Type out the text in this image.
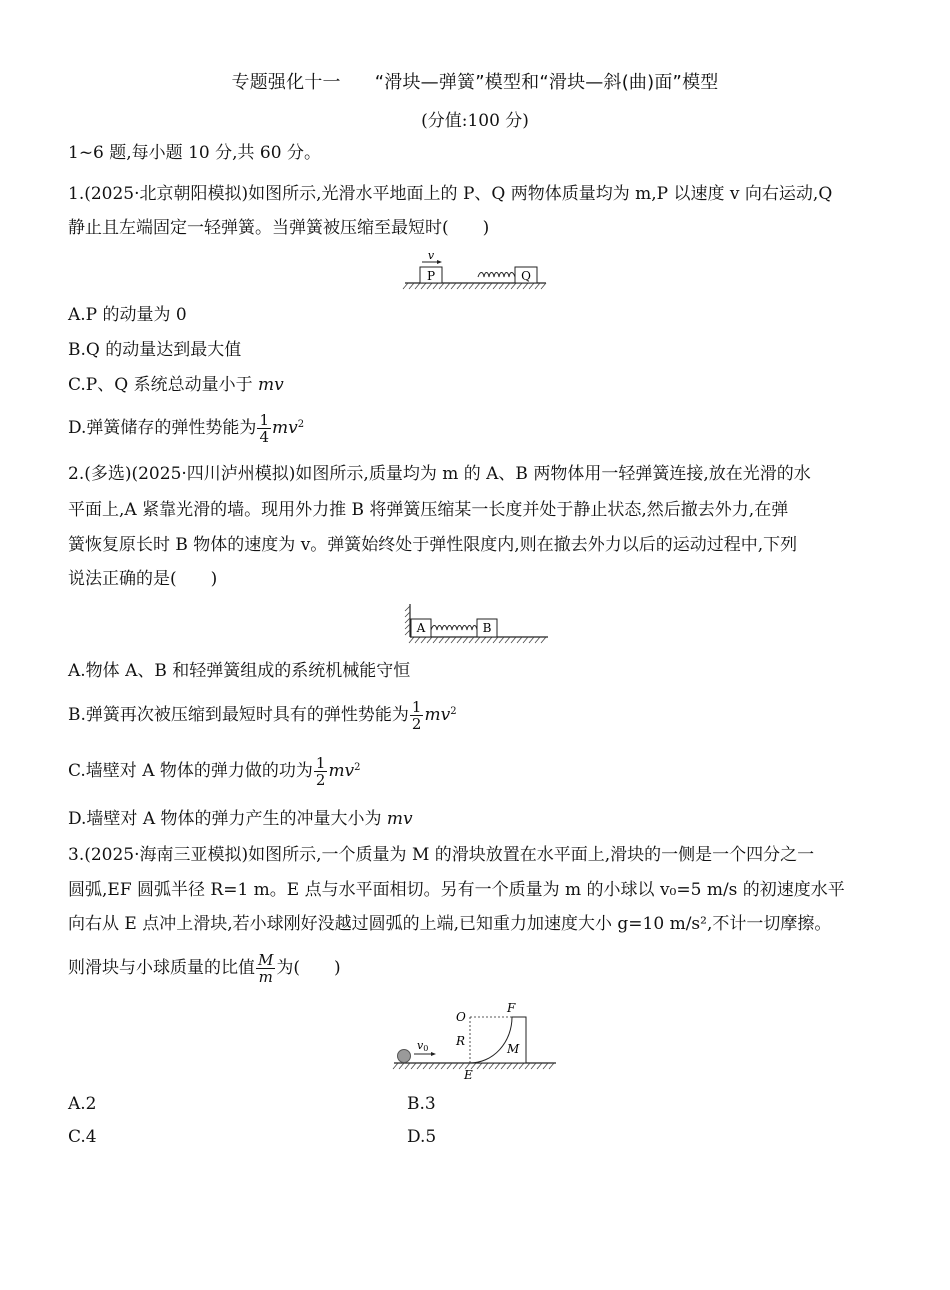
专题强化十一 “滑块—弹簧”模型和“滑块—斜(曲)面”模型
(分值:100 分)
1~6 题,每小题 10 分,共 60 分。
1.(2025·北京朝阳模拟)如图所示,光滑水平地面上的 P、Q 两物体质量均为 m,P 以速度 v 向右运动,Q
静止且左端固定一轻弹簧。当弹簧被压缩至最短时(　　)
P
v
Q
A.P 的动量为 0
B.Q 的动量达到最大值
C.P、Q 系统总动量小于 mv
D.弹簧储存的弹性势能为 $\frac{1}{4} mv^2$
2.(多选)(2025·四川泸州模拟)如图所示,质量均为 m 的 A、B 两物体用一轻弹簧连接,放在光滑的水
平面上,A 紧靠光滑的墙。现用外力推 B 将弹簧压缩某一长度并处于静止状态,然后撤去外力,在弹
簧恢复原长时 B 物体的速度为 v。弹簧始终处于弹性限度内,则在撤去外力以后的运动过程中,下列
说法正确的是(　　)
A	B
A.物体 A、B 和轻弹簧组成的系统机械能守恒
B.弹簧再次被压缩到最短时具有的弹性势能为 $\frac{1}{2} mv^2$
C.墙壁对 A 物体的弹力做的功为 $\frac{1}{2} mv^2$
D.墙壁对 A 物体的弹力产生的冲量大小为 mv
3.(2025·海南三亚模拟)如图所示,一个质量为 M 的滑块放置在水平面上,滑块的一侧是一个四分之一
圆弧,EF 圆弧半径 R=1 m。E 点与水平面相切。另有一个质量为 m 的小球以 v₀=5 m/s 的初速度水平
向右从 E 点冲上滑块,若小球刚好没越过圆弧的上端,已知重力加速度大小 g=10 m/s²,不计一切摩擦。
则滑块与小球质量的比值 $\frac{M}{m}$ 为(　　)
v0
O
F
R
M
E
A.2	B.3
C.4	D.5
